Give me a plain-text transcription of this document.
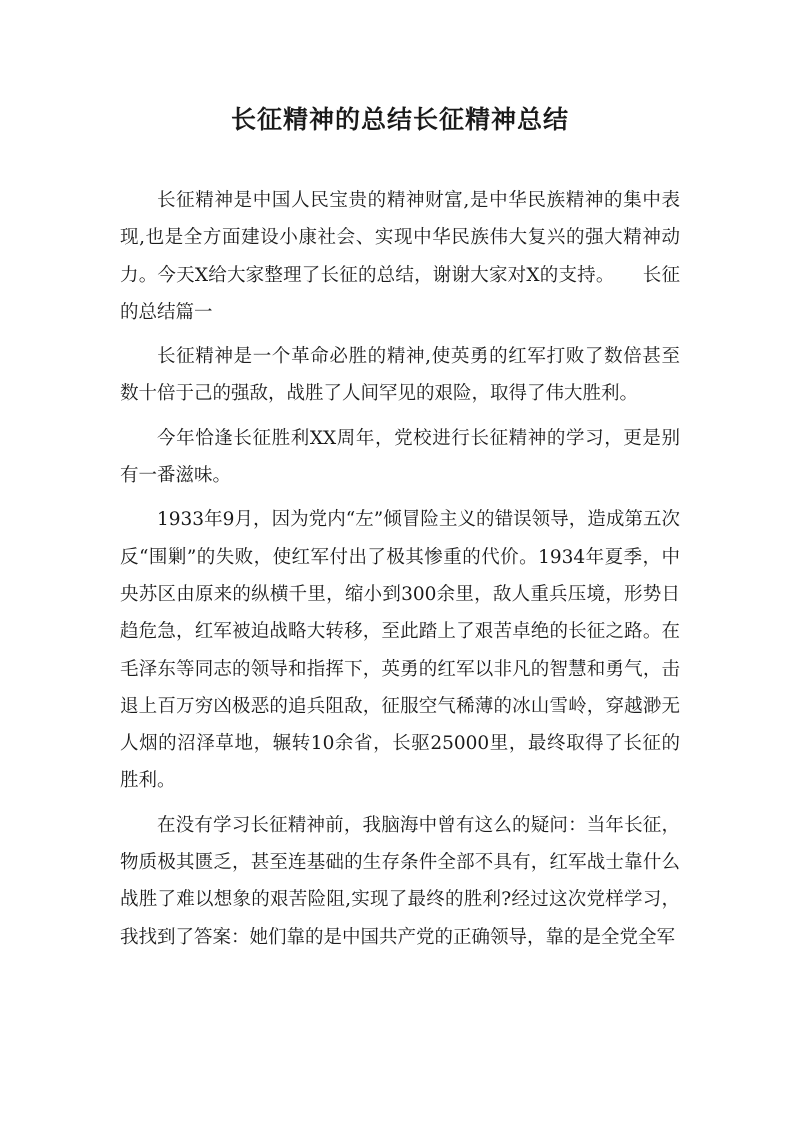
长征精神的总结长征精神总结

长征精神是中国人民宝贵的精神财富,是中华民族精神的集中表现,也是全方面建设小康社会、实现中华民族伟大复兴的强大精神动力。今天X给大家整理了长征的总结，谢谢大家对X的支持。　　长征的总结篇一

长征精神是一个革命必胜的精神,使英勇的红军打败了数倍甚至数十倍于己的强敌，战胜了人间罕见的艰险，取得了伟大胜利。

今年恰逢长征胜利XX周年，党校进行长征精神的学习，更是别有一番滋味。

1933年9月，因为党内“左”倾冒险主义的错误领导，造成第五次反“围剿”的失败，使红军付出了极其惨重的代价。1934年夏季，中央苏区由原来的纵横千里，缩小到300余里，敌人重兵压境，形势日趋危急，红军被迫战略大转移，至此踏上了艰苦卓绝的长征之路。在毛泽东等同志的领导和指挥下，英勇的红军以非凡的智慧和勇气，击退上百万穷凶极恶的追兵阻敌，征服空气稀薄的冰山雪岭，穿越渺无人烟的沼泽草地，辗转10余省，长驱25000里，最终取得了长征的胜利。

在没有学习长征精神前，我脑海中曾有这么的疑问：当年长征，物质极其匮乏，甚至连基础的生存条件全部不具有，红军战士靠什么战胜了难以想象的艰苦险阻,实现了最终的胜利?经过这次党样学习，我找到了答案：她们靠的是中国共产党的正确领导，靠的是全党全军
